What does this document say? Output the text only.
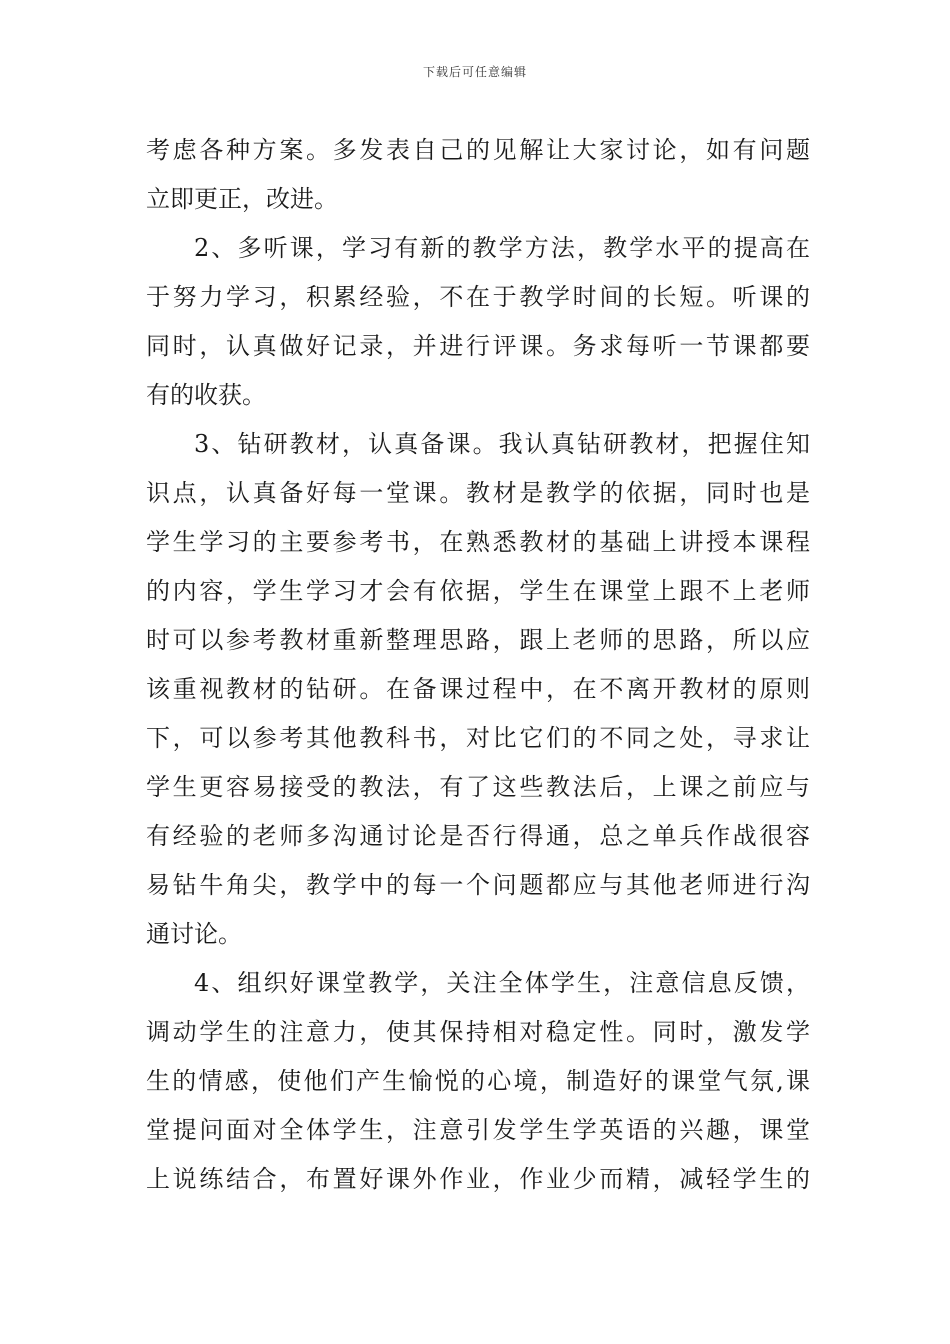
下载后可任意编辑
考虑各种方案。多发表自己的见解让大家讨论，如有问题
立即更正，改进。
2、多听课，学习有新的教学方法，教学水平的提高在
于努力学习，积累经验，不在于教学时间的长短。听课的
同时，认真做好记录，并进行评课。务求每听一节课都要
有的收获。
3、钻研教材，认真备课。我认真钻研教材，把握住知
识点，认真备好每一堂课。教材是教学的依据，同时也是
学生学习的主要参考书，在熟悉教材的基础上讲授本课程
的内容，学生学习才会有依据，学生在课堂上跟不上老师
时可以参考教材重新整理思路，跟上老师的思路，所以应
该重视教材的钻研。在备课过程中，在不离开教材的原则
下，可以参考其他教科书，对比它们的不同之处，寻求让
学生更容易接受的教法，有了这些教法后，上课之前应与
有经验的老师多沟通讨论是否行得通，总之单兵作战很容
易钻牛角尖，教学中的每一个问题都应与其他老师进行沟
通讨论。
4、组织好课堂教学，关注全体学生，注意信息反馈，
调动学生的注意力，使其保持相对稳定性。同时，激发学
生的情感，使他们产生愉悦的心境，制造好的课堂气氛,课
堂提问面对全体学生，注意引发学生学英语的兴趣，课堂
上说练结合，布置好课外作业，作业少而精，减轻学生的
